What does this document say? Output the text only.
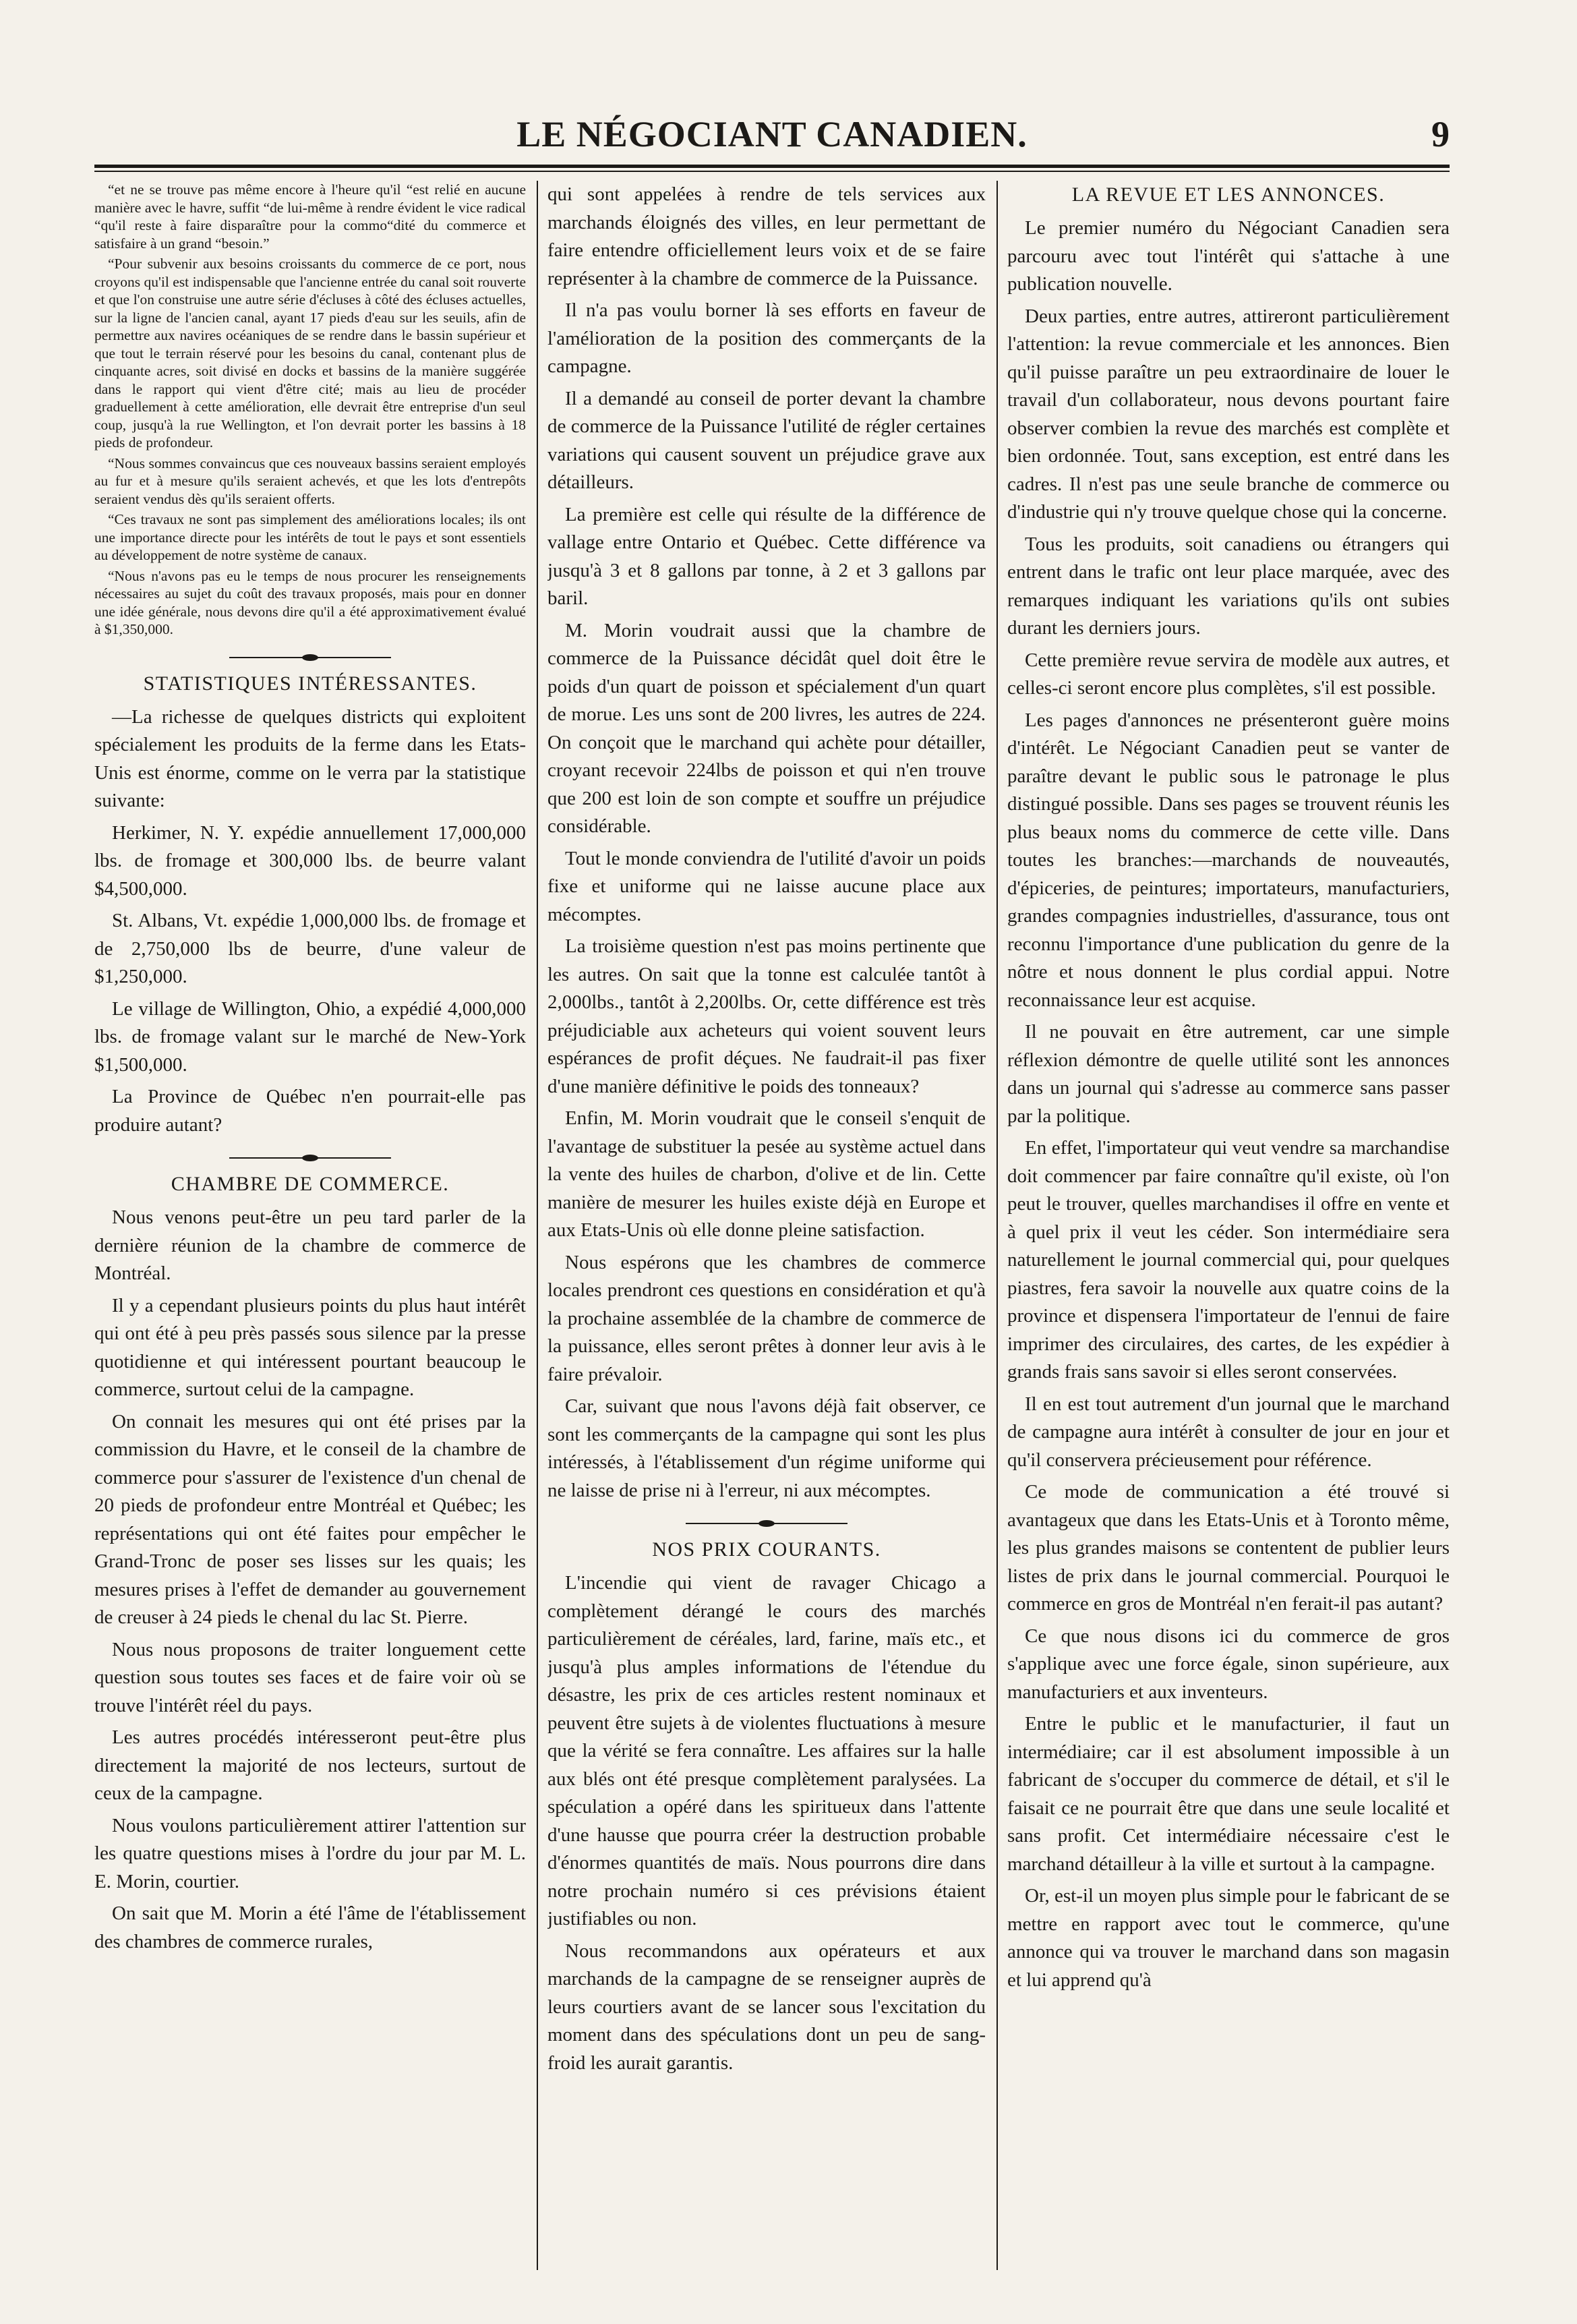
LE NÉGOCIANT CANADIEN.	9

“et ne se trouve pas même encore à l'heure qu'il “est relié en aucune manière avec le havre, suffit “de lui-même à rendre évident le vice radical “qu'il reste à faire disparaître pour la commo“dité du commerce et satisfaire à un grand “besoin.”

“Pour subvenir aux besoins croissants du commerce de ce port, nous croyons qu'il est indispensable que l'ancienne entrée du canal soit rouverte et que l'on construise une autre série d'écluses à côté des écluses actuelles, sur la ligne de l'ancien canal, ayant 17 pieds d'eau sur les seuils, afin de permettre aux navires océaniques de se rendre dans le bassin supérieur et que tout le terrain réservé pour les besoins du canal, contenant plus de cinquante acres, soit divisé en docks et bassins de la manière suggérée dans le rapport qui vient d'être cité; mais au lieu de procéder graduellement à cette amélioration, elle devrait être entreprise d'un seul coup, jusqu'à la rue Wellington, et l'on devrait porter les bassins à 18 pieds de profondeur.

“Nous sommes convaincus que ces nouveaux bassins seraient employés au fur et à mesure qu'ils seraient achevés, et que les lots d'entrepôts seraient vendus dès qu'ils seraient offerts.

“Ces travaux ne sont pas simplement des améliorations locales; ils ont une importance directe pour les intérêts de tout le pays et sont essentiels au développement de notre système de canaux.

“Nous n'avons pas eu le temps de nous procurer les renseignements nécessaires au sujet du coût des travaux proposés, mais pour en donner une idée générale, nous devons dire qu'il a été approximativement évalué à $1,350,000.

STATISTIQUES INTÉRESSANTES.

—La richesse de quelques districts qui exploitent spécialement les produits de la ferme dans les Etats-Unis est énorme, comme on le verra par la statistique suivante:

Herkimer, N. Y. expédie annuellement 17,000,000 lbs. de fromage et 300,000 lbs. de beurre valant $4,500,000.

St. Albans, Vt. expédie 1,000,000 lbs. de fromage et de 2,750,000 lbs de beurre, d'une valeur de $1,250,000.

Le village de Willington, Ohio, a expédié 4,000,000 lbs. de fromage valant sur le marché de New-York $1,500,000.

La Province de Québec n'en pourrait-elle pas produire autant?

CHAMBRE DE COMMERCE.

Nous venons peut-être un peu tard parler de la dernière réunion de la chambre de commerce de Montréal.

Il y a cependant plusieurs points du plus haut intérêt qui ont été à peu près passés sous silence par la presse quotidienne et qui intéressent pourtant beaucoup le commerce, surtout celui de la campagne.

On connait les mesures qui ont été prises par la commission du Havre, et le conseil de la chambre de commerce pour s'assurer de l'existence d'un chenal de 20 pieds de profondeur entre Montréal et Québec; les représentations qui ont été faites pour empêcher le Grand-Tronc de poser ses lisses sur les quais; les mesures prises à l'effet de demander au gouvernement de creuser à 24 pieds le chenal du lac St. Pierre.

Nous nous proposons de traiter longuement cette question sous toutes ses faces et de faire voir où se trouve l'intérêt réel du pays.

Les autres procédés intéresseront peut-être plus directement la majorité de nos lecteurs, surtout de ceux de la campagne.

Nous voulons particulièrement attirer l'attention sur les quatre questions mises à l'ordre du jour par M. L. E. Morin, courtier.

On sait que M. Morin a été l'âme de l'établissement des chambres de commerce rurales,

qui sont appelées à rendre de tels services aux marchands éloignés des villes, en leur permettant de faire entendre officiellement leurs voix et de se faire représenter à la chambre de commerce de la Puissance.

Il n'a pas voulu borner là ses efforts en faveur de l'amélioration de la position des commerçants de la campagne.

Il a demandé au conseil de porter devant la chambre de commerce de la Puissance l'utilité de régler certaines variations qui causent souvent un préjudice grave aux détailleurs.

La première est celle qui résulte de la différence de vallage entre Ontario et Québec. Cette différence va jusqu'à 3 et 8 gallons par tonne, à 2 et 3 gallons par baril.

M. Morin voudrait aussi que la chambre de commerce de la Puissance décidât quel doit être le poids d'un quart de poisson et spécialement d'un quart de morue. Les uns sont de 200 livres, les autres de 224. On conçoit que le marchand qui achète pour détailler, croyant recevoir 224lbs de poisson et qui n'en trouve que 200 est loin de son compte et souffre un préjudice considérable.

Tout le monde conviendra de l'utilité d'avoir un poids fixe et uniforme qui ne laisse aucune place aux mécomptes.

La troisième question n'est pas moins pertinente que les autres. On sait que la tonne est calculée tantôt à 2,000lbs., tantôt à 2,200lbs. Or, cette différence est très préjudiciable aux acheteurs qui voient souvent leurs espérances de profit déçues. Ne faudrait-il pas fixer d'une manière définitive le poids des tonneaux?

Enfin, M. Morin voudrait que le conseil s'enquit de l'avantage de substituer la pesée au système actuel dans la vente des huiles de charbon, d'olive et de lin. Cette manière de mesurer les huiles existe déjà en Europe et aux Etats-Unis où elle donne pleine satisfaction.

Nous espérons que les chambres de commerce locales prendront ces questions en considération et qu'à la prochaine assemblée de la chambre de commerce de la puissance, elles seront prêtes à donner leur avis à le faire prévaloir.

Car, suivant que nous l'avons déjà fait observer, ce sont les commerçants de la campagne qui sont les plus intéressés, à l'établissement d'un régime uniforme qui ne laisse de prise ni à l'erreur, ni aux mécomptes.

NOS PRIX COURANTS.

L'incendie qui vient de ravager Chicago a complètement dérangé le cours des marchés particulièrement de céréales, lard, farine, maïs etc., et jusqu'à plus amples informations de l'étendue du désastre, les prix de ces articles restent nominaux et peuvent être sujets à de violentes fluctuations à mesure que la vérité se fera connaître. Les affaires sur la halle aux blés ont été presque complètement paralysées. La spéculation a opéré dans les spiritueux dans l'attente d'une hausse que pourra créer la destruction probable d'énormes quantités de maïs. Nous pourrons dire dans notre prochain numéro si ces prévisions étaient justifiables ou non.

Nous recommandons aux opérateurs et aux marchands de la campagne de se renseigner auprès de leurs courtiers avant de se lancer sous l'excitation du moment dans des spéculations dont un peu de sang-froid les aurait garantis.

LA REVUE ET LES ANNONCES.

Le premier numéro du Négociant Canadien sera parcouru avec tout l'intérêt qui s'attache à une publication nouvelle.

Deux parties, entre autres, attireront particulièrement l'attention: la revue commerciale et les annonces. Bien qu'il puisse paraître un peu extraordinaire de louer le travail d'un collaborateur, nous devons pourtant faire observer combien la revue des marchés est complète et bien ordonnée. Tout, sans exception, est entré dans les cadres. Il n'est pas une seule branche de commerce ou d'industrie qui n'y trouve quelque chose qui la concerne.

Tous les produits, soit canadiens ou étrangers qui entrent dans le trafic ont leur place marquée, avec des remarques indiquant les variations qu'ils ont subies durant les derniers jours.

Cette première revue servira de modèle aux autres, et celles-ci seront encore plus complètes, s'il est possible.

Les pages d'annonces ne présenteront guère moins d'intérêt. Le Négociant Canadien peut se vanter de paraître devant le public sous le patronage le plus distingué possible. Dans ses pages se trouvent réunis les plus beaux noms du commerce de cette ville. Dans toutes les branches:—marchands de nouveautés, d'épiceries, de peintures; importateurs, manufacturiers, grandes compagnies industrielles, d'assurance, tous ont reconnu l'importance d'une publication du genre de la nôtre et nous donnent le plus cordial appui. Notre reconnaissance leur est acquise.

Il ne pouvait en être autrement, car une simple réflexion démontre de quelle utilité sont les annonces dans un journal qui s'adresse au commerce sans passer par la politique.

En effet, l'importateur qui veut vendre sa marchandise doit commencer par faire connaître qu'il existe, où l'on peut le trouver, quelles marchandises il offre en vente et à quel prix il veut les céder. Son intermédiaire sera naturellement le journal commercial qui, pour quelques piastres, fera savoir la nouvelle aux quatre coins de la province et dispensera l'importateur de l'ennui de faire imprimer des circulaires, des cartes, de les expédier à grands frais sans savoir si elles seront conservées.

Il en est tout autrement d'un journal que le marchand de campagne aura intérêt à consulter de jour en jour et qu'il conservera précieusement pour référence.

Ce mode de communication a été trouvé si avantageux que dans les Etats-Unis et à Toronto même, les plus grandes maisons se contentent de publier leurs listes de prix dans le journal commercial. Pourquoi le commerce en gros de Montréal n'en ferait-il pas autant?

Ce que nous disons ici du commerce de gros s'applique avec une force égale, sinon supérieure, aux manufacturiers et aux inventeurs.

Entre le public et le manufacturier, il faut un intermédiaire; car il est absolument impossible à un fabricant de s'occuper du commerce de détail, et s'il le faisait ce ne pourrait être que dans une seule localité et sans profit. Cet intermédiaire nécessaire c'est le marchand détailleur à la ville et surtout à la campagne.

Or, est-il un moyen plus simple pour le fabricant de se mettre en rapport avec tout le commerce, qu'une annonce qui va trouver le marchand dans son magasin et lui apprend qu'à
